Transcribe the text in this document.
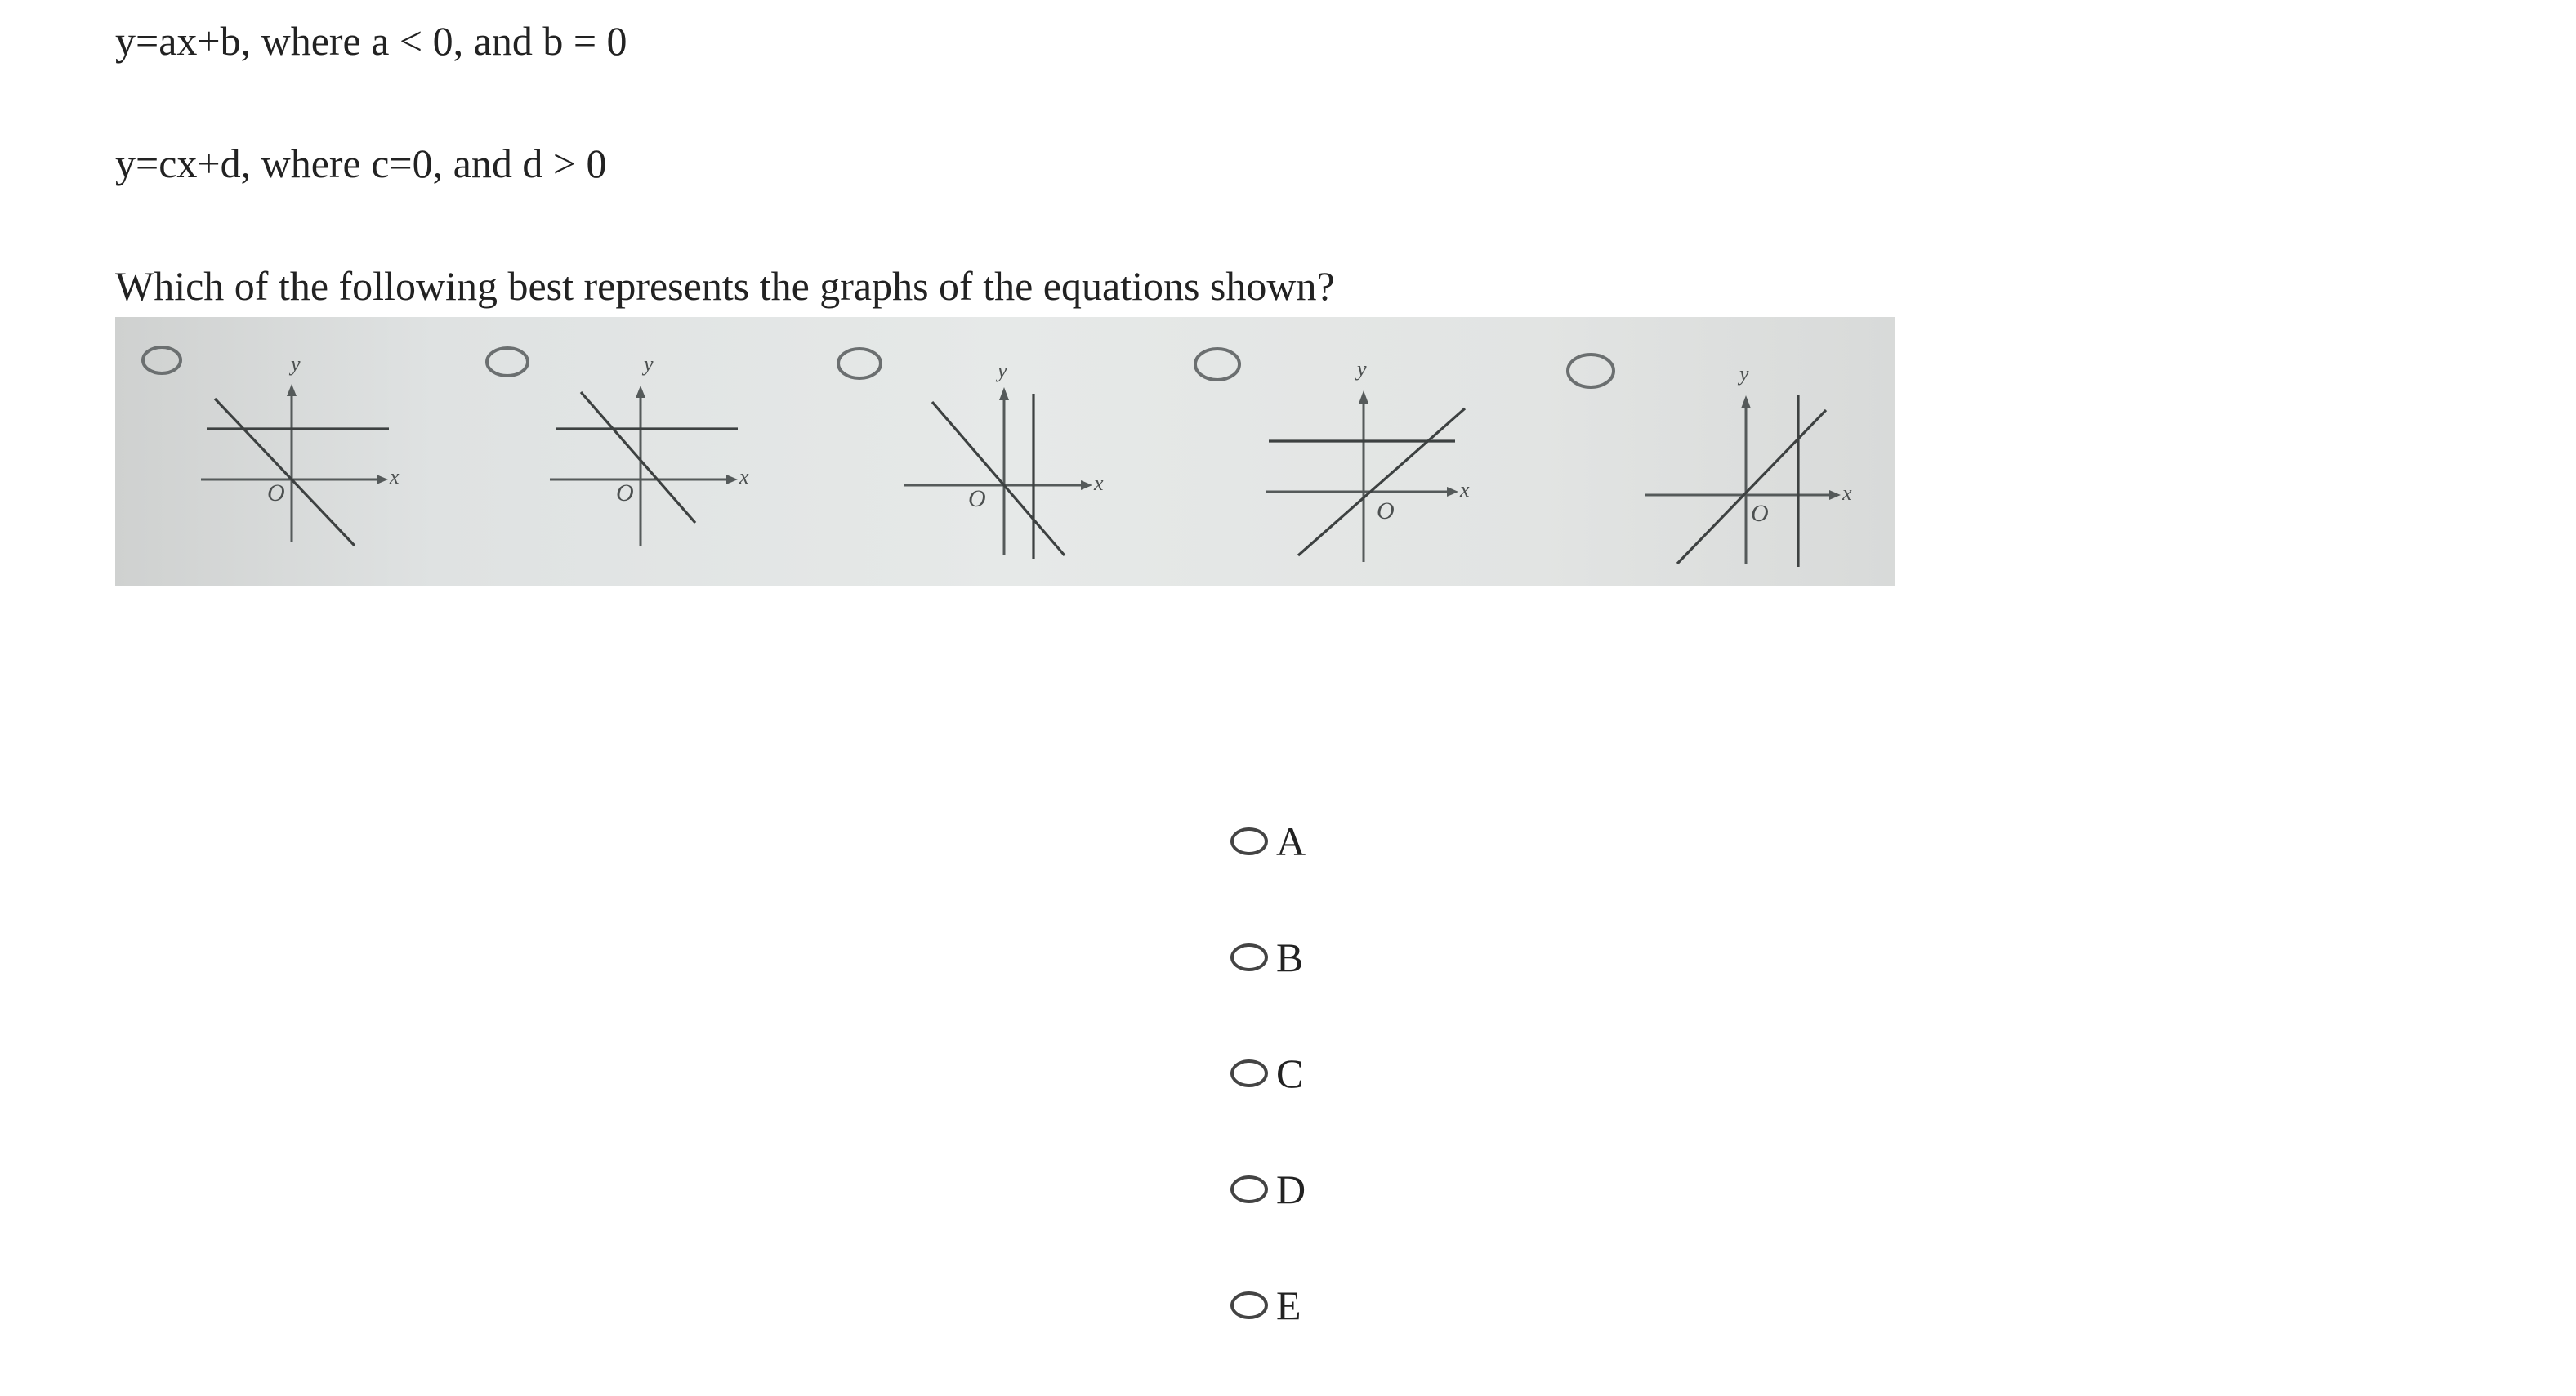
y=ax+b, where a < 0, and b = 0
y=cx+d, where c=0, and d > 0
Which of the following best represents the graphs of the equations shown?
x
y
O
x
y
O	x
y
O	x
y
O
x
y
O
A
B
C
D
E
